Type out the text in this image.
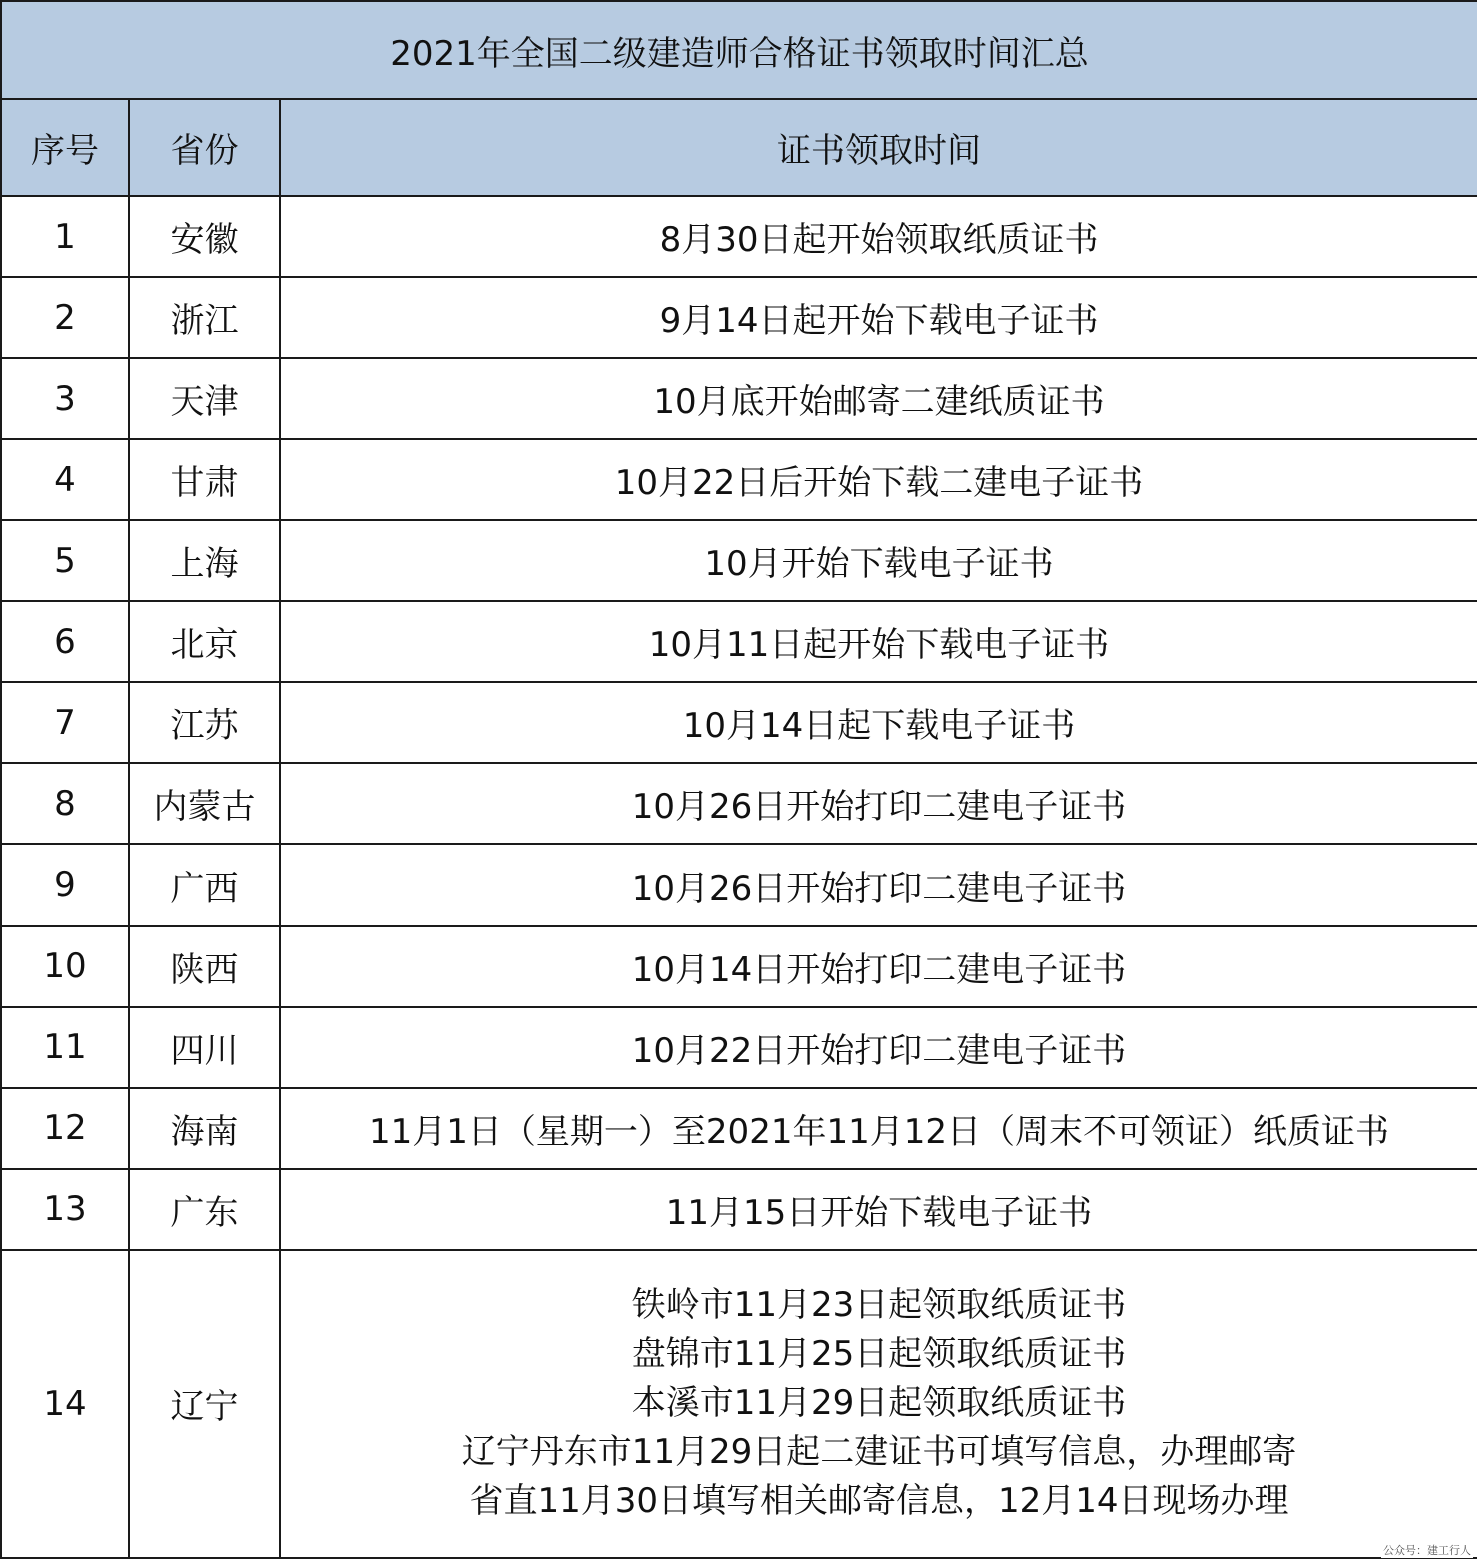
2021年全国二级建造师合格证书领取时间汇总		
序号	省份	证书领取时间
1	安徽	8月30日起开始领取纸质证书
2	浙江	9月14日起开始下载电子证书
3	天津	10月底开始邮寄二建纸质证书
4	甘肃	10月22日后开始下载二建电子证书
5	上海	10月开始下载电子证书
6	北京	10月11日起开始下载电子证书
7	江苏	10月14日起下载电子证书
8	内蒙古	10月26日开始打印二建电子证书
9	广西	10月26日开始打印二建电子证书
10	陕西	10月14日开始打印二建电子证书
11	四川	10月22日开始打印二建电子证书
12	海南	11月1日（星期一）至2021年11月12日（周末不可领证）纸质证书
13	广东	11月15日开始下载电子证书
14	辽宁	铁岭市11月23日起领取纸质证书
盘锦市11月25日起领取纸质证书
本溪市11月29日起领取纸质证书
辽宁丹东市11月29日起二建证书可填写信息，办理邮寄
省直11月30日填写相关邮寄信息，12月14日现场办理
公众号：建工行人
